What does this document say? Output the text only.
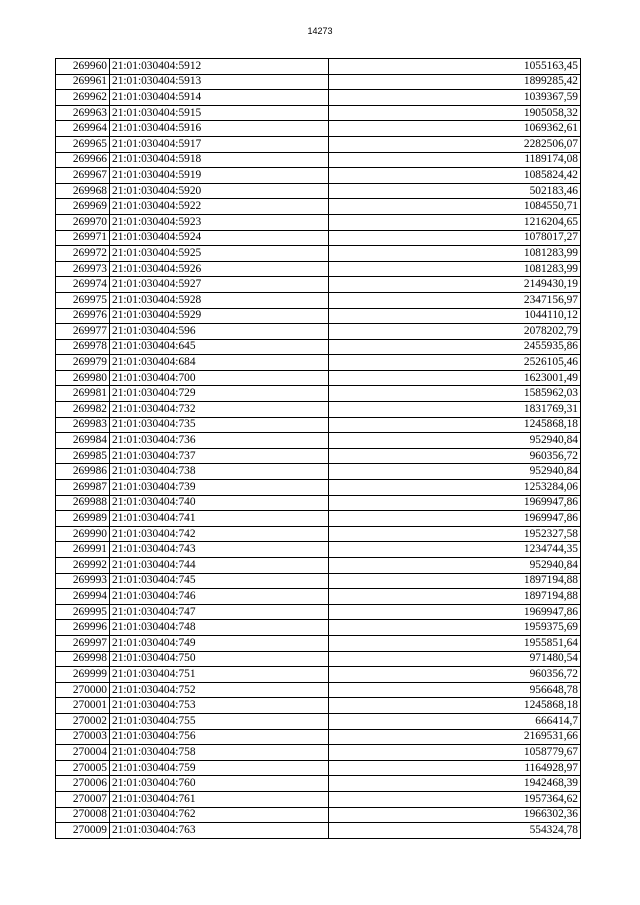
14273
269960	21:01:030404:5912	1055163,45
269961	21:01:030404:5913	1899285,42
269962	21:01:030404:5914	1039367,59
269963	21:01:030404:5915	1905058,32
269964	21:01:030404:5916	1069362,61
269965	21:01:030404:5917	2282506,07
269966	21:01:030404:5918	1189174,08
269967	21:01:030404:5919	1085824,42
269968	21:01:030404:5920	502183,46
269969	21:01:030404:5922	1084550,71
269970	21:01:030404:5923	1216204,65
269971	21:01:030404:5924	1078017,27
269972	21:01:030404:5925	1081283,99
269973	21:01:030404:5926	1081283,99
269974	21:01:030404:5927	2149430,19
269975	21:01:030404:5928	2347156,97
269976	21:01:030404:5929	1044110,12
269977	21:01:030404:596	2078202,79
269978	21:01:030404:645	2455935,86
269979	21:01:030404:684	2526105,46
269980	21:01:030404:700	1623001,49
269981	21:01:030404:729	1585962,03
269982	21:01:030404:732	1831769,31
269983	21:01:030404:735	1245868,18
269984	21:01:030404:736	952940,84
269985	21:01:030404:737	960356,72
269986	21:01:030404:738	952940,84
269987	21:01:030404:739	1253284,06
269988	21:01:030404:740	1969947,86
269989	21:01:030404:741	1969947,86
269990	21:01:030404:742	1952327,58
269991	21:01:030404:743	1234744,35
269992	21:01:030404:744	952940,84
269993	21:01:030404:745	1897194,88
269994	21:01:030404:746	1897194,88
269995	21:01:030404:747	1969947,86
269996	21:01:030404:748	1959375,69
269997	21:01:030404:749	1955851,64
269998	21:01:030404:750	971480,54
269999	21:01:030404:751	960356,72
270000	21:01:030404:752	956648,78
270001	21:01:030404:753	1245868,18
270002	21:01:030404:755	666414,7
270003	21:01:030404:756	2169531,66
270004	21:01:030404:758	1058779,67
270005	21:01:030404:759	1164928,97
270006	21:01:030404:760	1942468,39
270007	21:01:030404:761	1957364,62
270008	21:01:030404:762	1966302,36
270009	21:01:030404:763	554324,78
